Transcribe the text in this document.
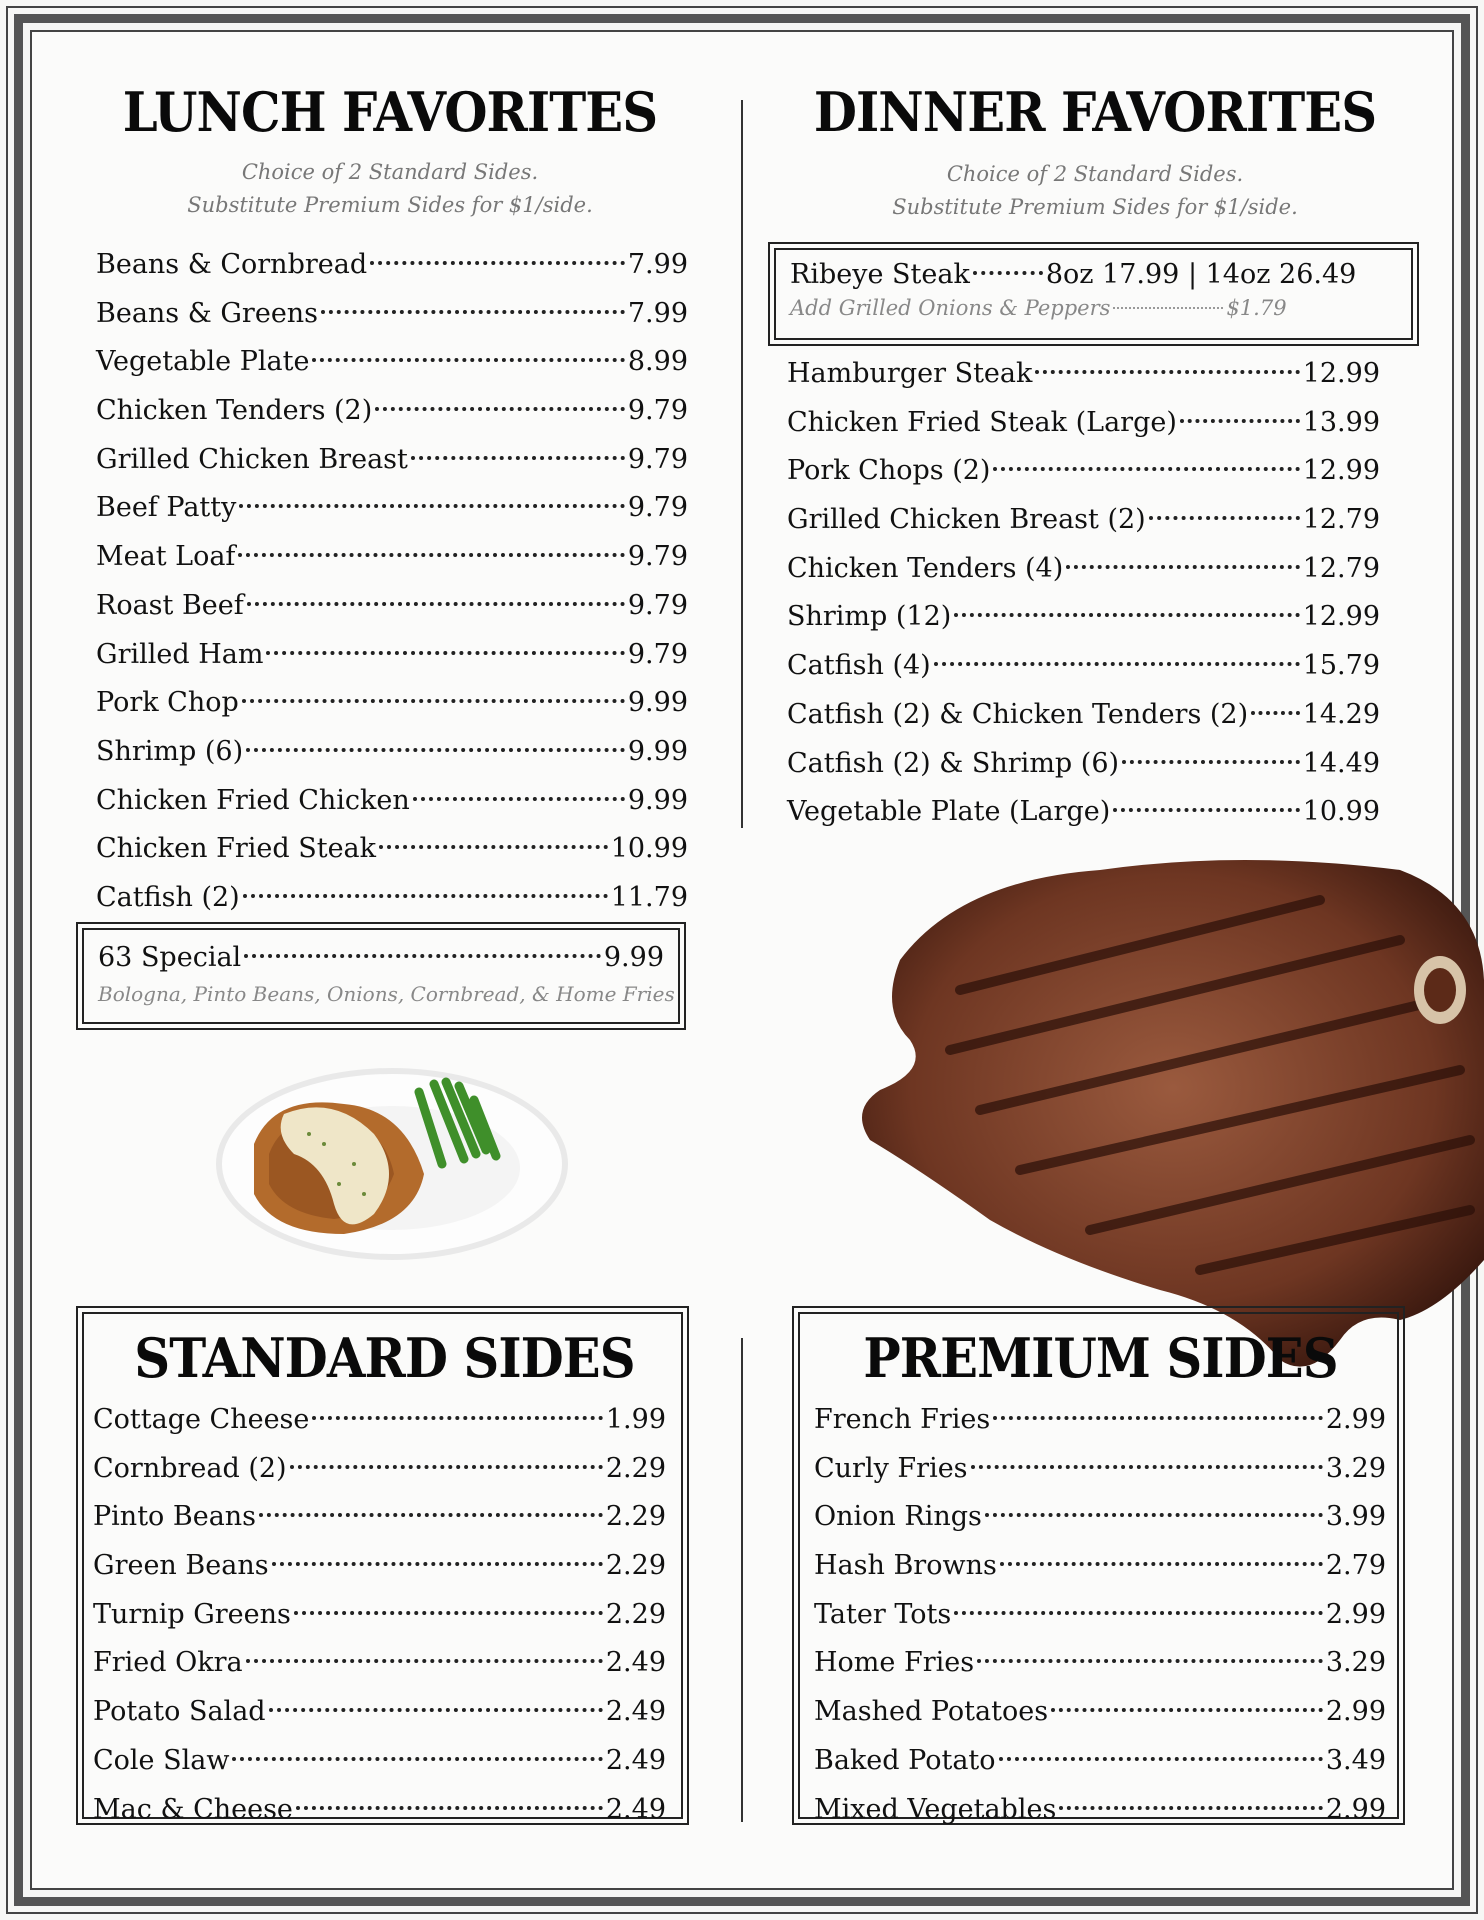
LUNCH FAVORITES
Choice of 2 Standard Sides.
Substitute Premium Sides for $1/side.
Beans & Cornbread	7.99
Beans & Greens	7.99
Vegetable Plate	8.99
Chicken Tenders (2)	9.79
Grilled Chicken Breast	9.79
Beef Patty	9.79
Meat Loaf	9.79
Roast Beef	9.79
Grilled Ham	9.79
Pork Chop	9.99
Shrimp (6)	9.99
Chicken Fried Chicken	9.99
Chicken Fried Steak	10.99
Catfish (2)	11.79
63 Special	9.99
Bologna, Pinto Beans, Onions, Cornbread, & Home Fries
DINNER FAVORITES
Choice of 2 Standard Sides.
Substitute Premium Sides for $1/side.
Ribeye Steak	8oz 17.99 | 14oz 26.49
Add Grilled Onions & Peppers	$1.79
Hamburger Steak	12.99
Chicken Fried Steak (Large)	13.99
Pork Chops (2)	12.99
Grilled Chicken Breast (2)	12.79
Chicken Tenders (4)	12.79
Shrimp (12)	12.99
Catfish (4)	15.79
Catfish (2) & Chicken Tenders (2) 14.29
Catfish (2) & Shrimp (6)	14.49
Vegetable Plate (Large)	10.99
STANDARD SIDES
Cottage Cheese	1.99
Cornbread (2)	2.29
Pinto Beans	2.29
Green Beans	2.29
Turnip Greens	2.29
Fried Okra	2.49
Potato Salad	2.49
Cole Slaw	2.49
Mac & Cheese	2.49
PREMIUM SIDES
French Fries	2.99
Curly Fries	3.29
Onion Rings	3.99
Hash Browns	2.79
Tater Tots	2.99
Home Fries	3.29
Mashed Potatoes	2.99
Baked Potato	3.49
Mixed Vegetables	2.99
